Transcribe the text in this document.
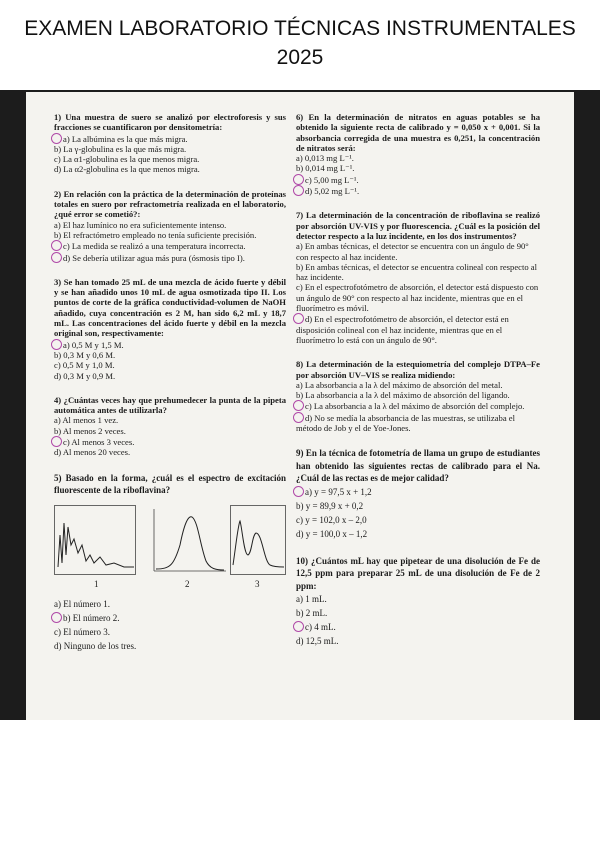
EXAMEN LABORATORIO TÉCNICAS INSTRUMENTALES
2025
1) Una muestra de suero se analizó por electroforesis y sus fracciones se cuantificaron por densitometría:
a) La albúmina es la que más migra.
b) La γ-globulina es la que más migra.
c) La α1-globulina es la que menos migra.
d) La α2-globulina es la que menos migra.
2) En relación con la práctica de la determinación de proteínas totales en suero por refractometría realizada en el laboratorio, ¿qué error se cometió?:
a) El haz lumínico no era suficientemente intenso.
b) El refractómetro empleado no tenía suficiente precisión.
c) La medida se realizó a una temperatura incorrecta.
d) Se debería utilizar agua más pura (ósmosis tipo I).
3) Se han tomado 25 mL de una mezcla de ácido fuerte y débil y se han añadido unos 10 mL de agua osmotizada tipo II. Los puntos de corte de la gráfica conductividad-volumen de NaOH añadido, cuya concentración es 2 M, han sido 6,2 mL y 18,7 mL. Las concentraciones del ácido fuerte y débil en la mezcla original son, respectivamente:
a) 0,5 M y 1,5 M.
b) 0,3 M y 0,6 M.
c) 0,5 M y 1,0 M.
d) 0,3 M y 0,9 M.
4) ¿Cuántas veces hay que prehumedecer la punta de la pipeta automática antes de utilizarla?
a) Al menos 1 vez.
b) Al menos 2 veces.
c) Al menos 3 veces.
d) Al menos 20 veces.
5) Basado en la forma, ¿cuál es el espectro de excitación fluorescente de la riboflavina?
1	2	3
a) El número 1.
b) El número 2.
c) El número 3.
d) Ninguno de los tres.
6) En la determinación de nitratos en aguas potables se ha obtenido la siguiente recta de calibrado y = 0,050 x + 0,001. Si la absorbancia corregida de una muestra es 0,251, la concentración de nitratos será:
a) 0,013 mg L⁻¹.
b) 0,014 mg L⁻¹.
c) 5,00 mg L⁻¹.
d) 5,02 mg L⁻¹.
7) La determinación de la concentración de riboflavina se realizó por absorción UV-VIS y por fluorescencia. ¿Cuál es la posición del detector respecto a la luz incidente, en los dos instrumentos?
a) En ambas técnicas, el detector se encuentra con un ángulo de 90° con respecto al haz incidente.
b) En ambas técnicas, el detector se encuentra colineal con respecto al haz incidente.
c) En el espectrofotómetro de absorción, el detector está dispuesto con un ángulo de 90° con respecto al haz incidente, mientras que en el fluorímetro es móvil.
d) En el espectrofotómetro de absorción, el detector está en disposición colineal con el haz incidente, mientras que en el fluorímetro lo está con un ángulo de 90°.
8) La determinación de la estequiometría del complejo DTPA–Fe por absorción UV–VIS se realiza midiendo:
a) La absorbancia a la λ del máximo de absorción del metal.
b) La absorbancia a la λ del máximo de absorción del ligando.
c) La absorbancia a la λ del máximo de absorción del complejo.
d) No se medía la absorbancia de las muestras, se utilizaba el método de Job y el de Yoe-Jones.
9) En la técnica de fotometría de llama un grupo de estudiantes han obtenido las siguientes rectas de calibrado para el Na. ¿Cuál de las rectas es de mejor calidad?
a) y = 97,5 x + 1,2
b) y = 89,9 x + 0,2
c) y = 102,0 x – 2,0
d) y = 100,0 x – 1,2
10) ¿Cuántos mL hay que pipetear de una disolución de Fe de 12,5 ppm para preparar 25 mL de una disolución de Fe de 2 ppm:
a) 1 mL.
b) 2 mL.
c) 4 mL.
d) 12,5 mL.
